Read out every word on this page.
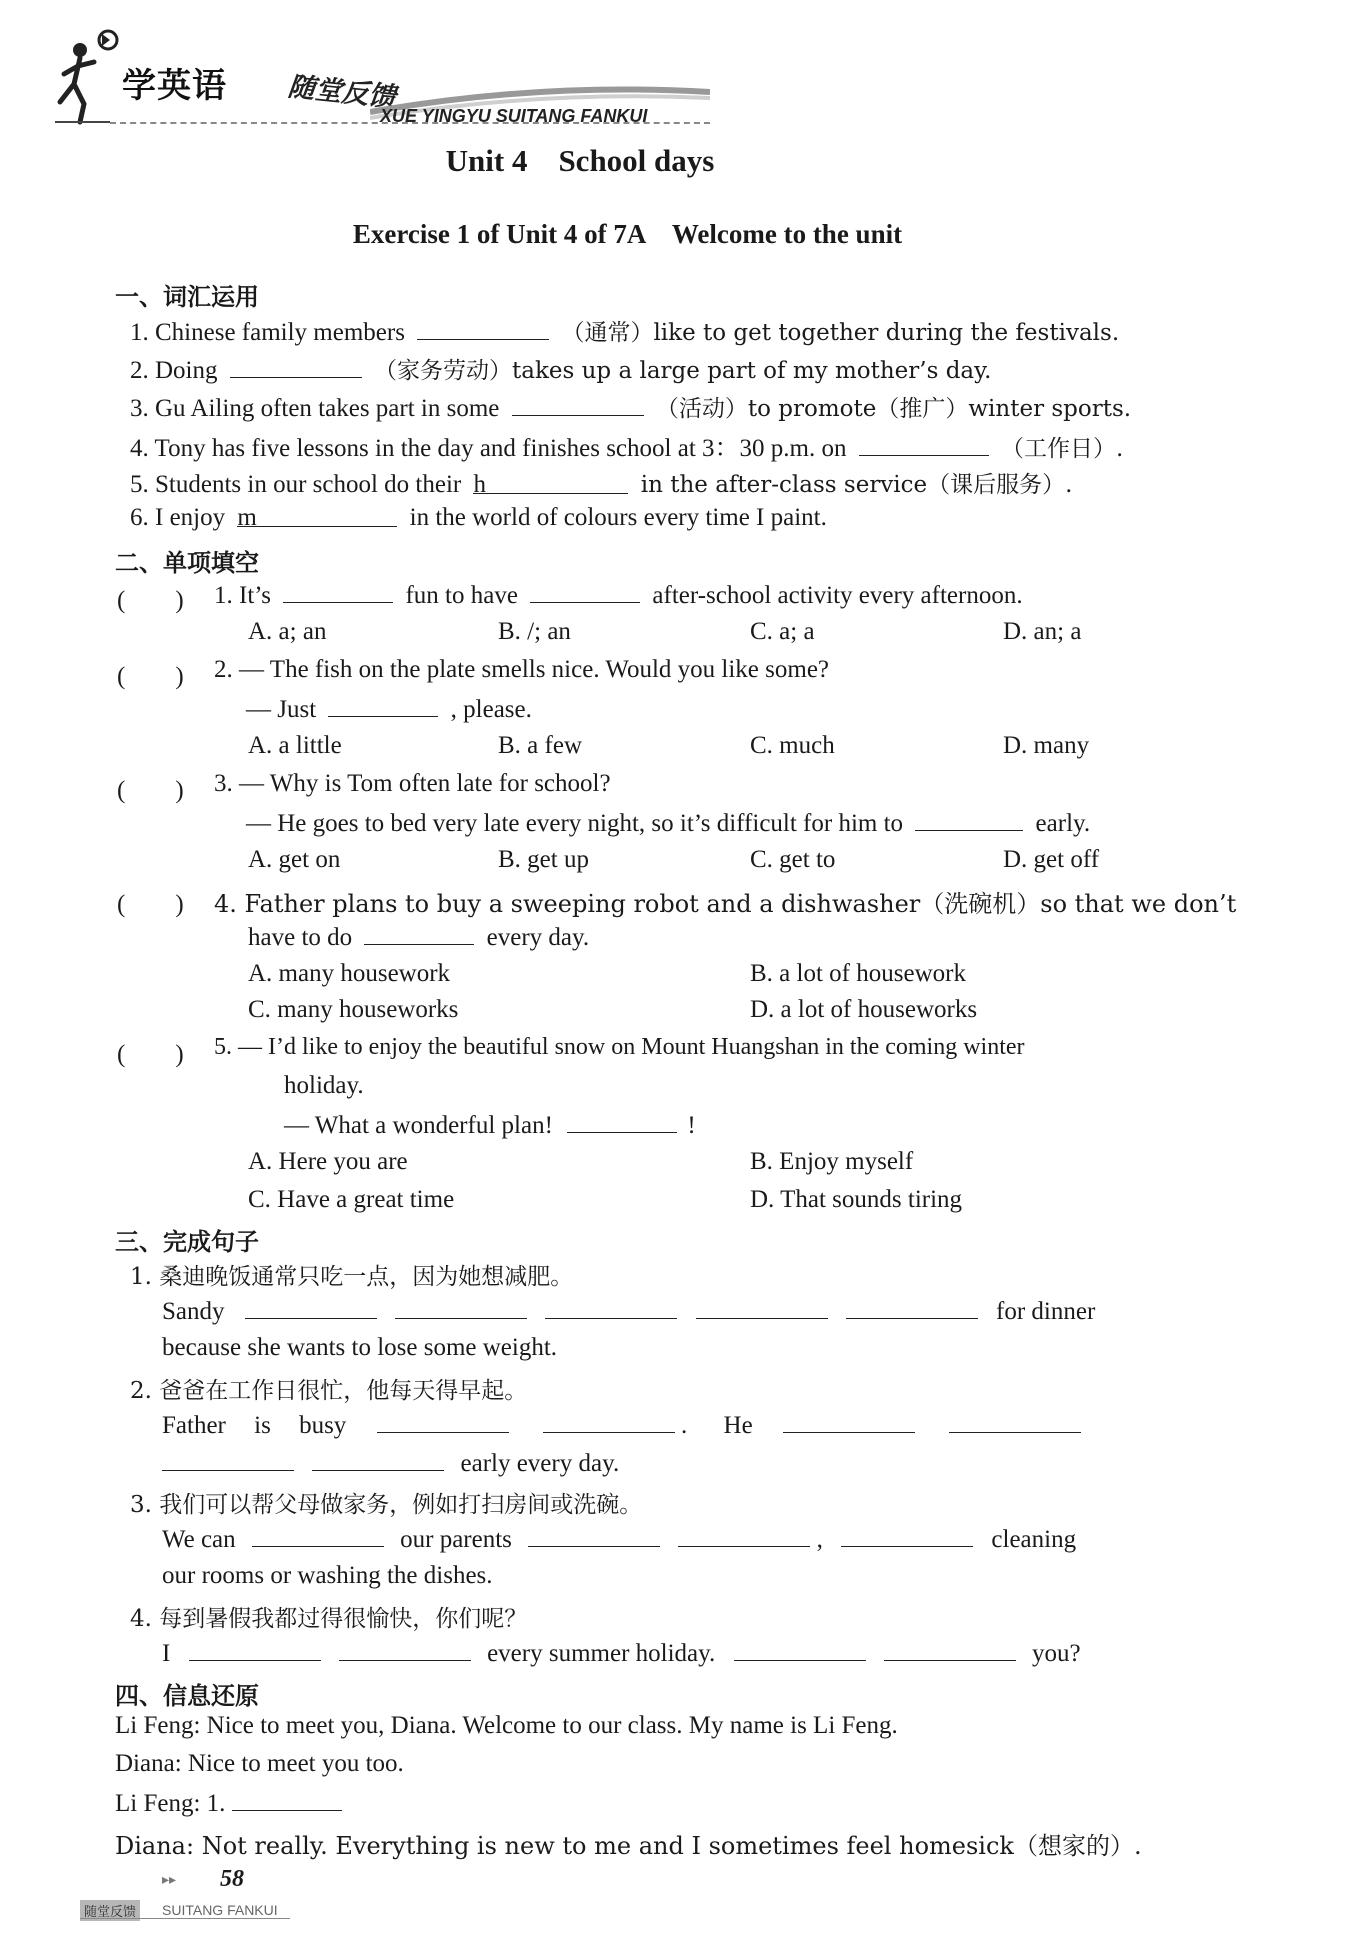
学英语 随堂反馈
XUE YINGYU SUITANG FANKUI
Unit 4　School days
Exercise 1 of Unit 4 of 7A　Welcome to the unit
一、词汇运用
1. Chinese family members	（通常）like to get together during the festivals.
2. Doing	（家务劳动）takes up a large part of my mother’s day.
3. Gu Ailing often takes part in some	（活动）to promote（推广）winter sports.
4. Tony has five lessons in the day and finishes school at 3：30 p.m. on	（工作日）.
5. Students in our school do their h	in the after-class service（课后服务）.
6. I enjoy m	in the world of colours every time I paint.
二、单项填空
(　　) 1. It’s	fun to have	after-school activity every afternoon.
A. a; an	B. /; an	C. a; a	D. an; a
(　　) 2. — The fish on the plate smells nice. Would you like some?
— Just	, please.
A. a little	B. a few	C. much	D. many
(　　) 3. — Why is Tom often late for school?
— He goes to bed very late every night, so it’s difficult for him to	early.
A. get on	B. get up	C. get to	D. get off
(　　) 4. Father plans to buy a sweeping robot and a dishwasher（洗碗机）so that we don’t
have to do	every day.
A. many housework	B. a lot of housework
C. many houseworks	D. a lot of houseworks
(　　) 5. — I’d like to enjoy the beautiful snow on Mount Huangshan in the coming winter
holiday.
— What a wonderful plan!	!
A. Here you are	B. Enjoy myself
C. Have a great time	D. That sounds tiring
三、完成句子
1. 桑迪晚饭通常只吃一点，因为她想减肥。
Sandy	for dinner
because she wants to lose some weight.
2. 爸爸在工作日很忙，他每天得早起。
Father is busy	. He
early every day.
3. 我们可以帮父母做家务，例如打扫房间或洗碗。
We can	our parents	,	cleaning
our rooms or washing the dishes.
4. 每到暑假我都过得很愉快，你们呢？
I	every summer holiday.	you?
四、信息还原
Li Feng: Nice to meet you, Diana. Welcome to our class. My name is Li Feng.
Diana: Nice to meet you too.
Li Feng: 1.
Diana: Not really. Everything is new to me and I sometimes feel homesick（想家的）.
▸▸ 58
随堂反馈 SUITANG FANKUI
